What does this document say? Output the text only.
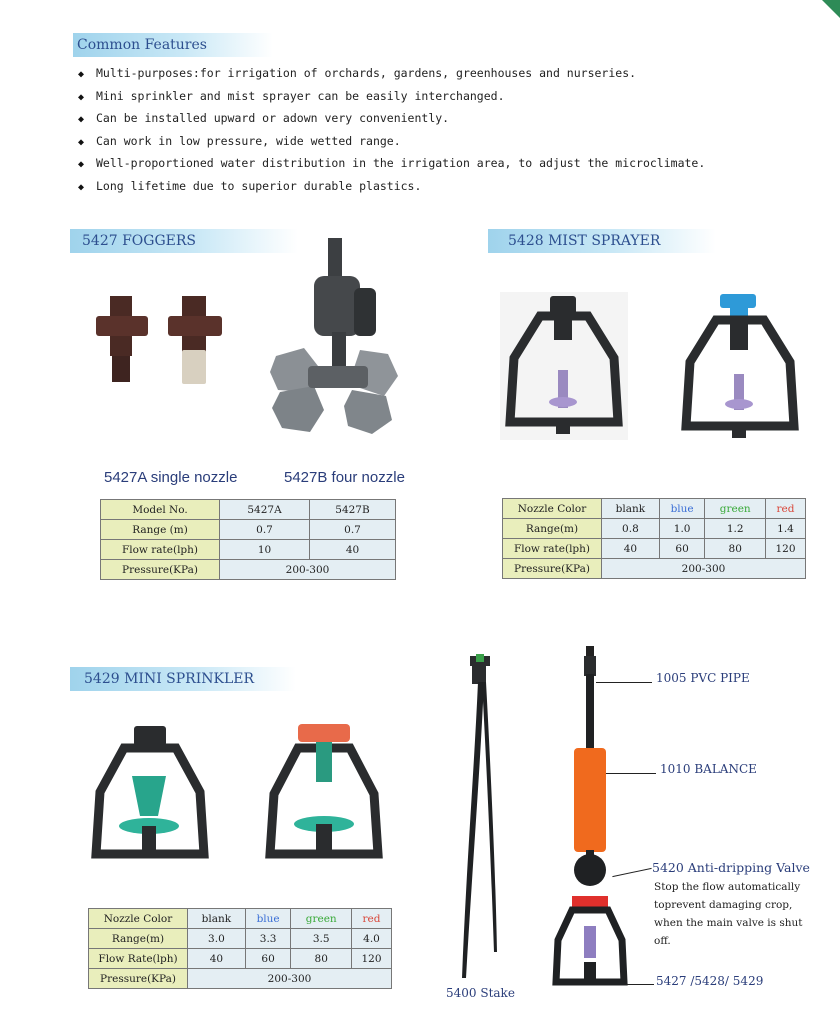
Common Features
◆ Multi-purposes:for irrigation of orchards, gardens, greenhouses and nurseries.
◆ Mini sprinkler and mist sprayer can be easily interchanged.
◆ Can be installed upward or adown very conveniently.
◆ Can work in low pressure, wide wetted range.
◆ Well-proportioned water distribution in the irrigation area, to adjust the microclimate.
◆ Long lifetime due to superior durable plastics.
5427 FOGGERS
5427A single nozzle	5427B four nozzle
Model No.	5427A	5427B
Range (m)	0.7	0.7
Flow rate(lph)	10	40
Pressure(KPa)	200-300	
5428 MIST SPRAYER
Nozzle Color	blank	blue	green	red
Range(m)	0.8	1.0	1.2	1.4
Flow rate(lph)	40	60	80	120
Pressure(KPa)	200-300			
5429 MINI SPRINKLER
Nozzle Color	blank	blue	green	red
Range(m)	3.0	3.3	3.5	4.0
Flow Rate(lph)	40	60	80	120
Pressure(KPa)	200-300			
5400 Stake
1005 PVC PIPE
1010 BALANCE
5420 Anti-dripping Valve
Stop the flow automatically
toprevent damaging crop,
when the main valve is shut
off.
5427 /5428/ 5429
